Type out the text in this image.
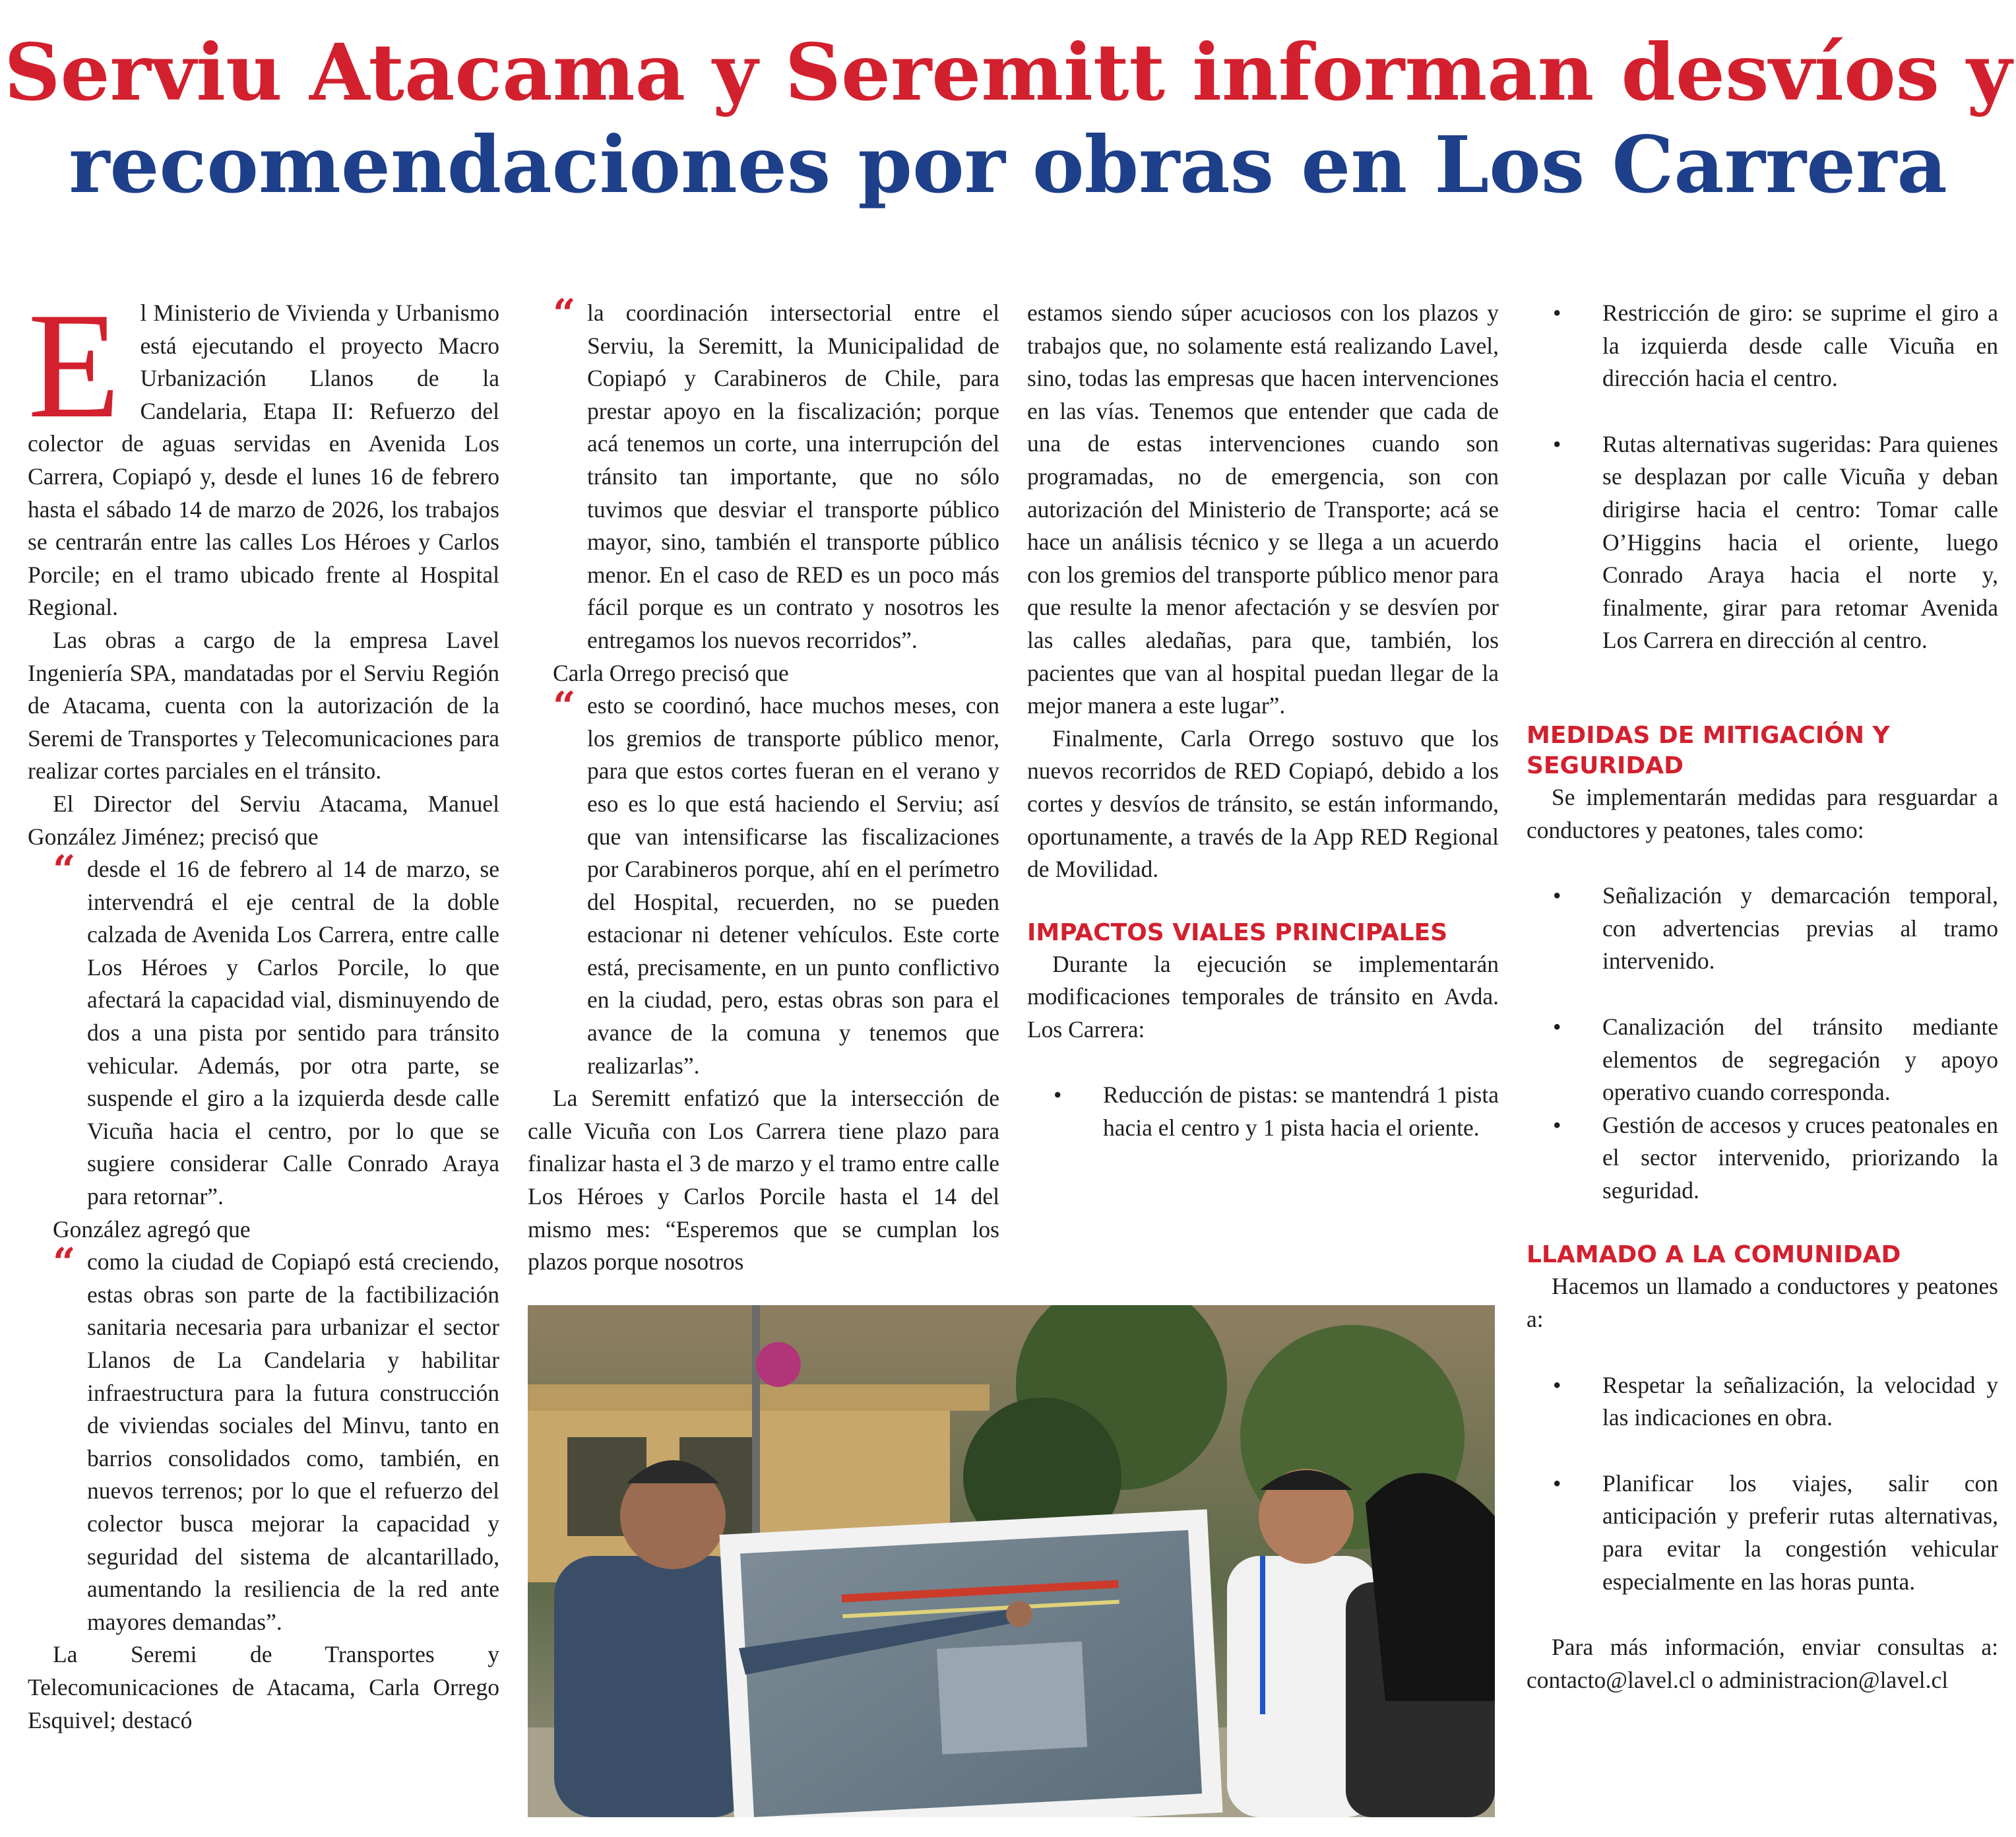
Serviu Atacama y Seremitt informan desvíos y
recomendaciones por obras en Los Carrera

El Ministerio de Vivienda y Urbanismo está ejecutando el proyecto Macro Urbanización Llanos de la Candelaria, Etapa II: Refuerzo del colector de aguas servidas en Avenida Los Carrera, Copiapó y, desde el lunes 16 de febrero hasta el sábado 14 de marzo de 2026, los trabajos se centrarán entre las calles Los Héroes y Carlos Porcile; en el tramo ubicado frente al Hospital Regional.

Las obras a cargo de la empresa Lavel Ingeniería SPA, mandatadas por el Serviu Región de Atacama, cuenta con la autorización de la Seremi de Transportes y Telecomunicaciones para realizar cortes parciales en el tránsito.

El Director del Serviu Atacama, Manuel González Jiménez; precisó que

“ desde el 16 de febrero al 14 de marzo, se intervendrá el eje central de la doble calzada de Avenida Los Carrera, entre calle Los Héroes y Carlos Porcile, lo que afectará la capacidad vial, disminuyendo de dos a una pista por sentido para tránsito vehicular. Además, por otra parte, se suspende el giro a la izquierda desde calle Vicuña hacia el centro, por lo que se sugiere considerar Calle Conrado Araya para retornar”.

González agregó que

“ como la ciudad de Copiapó está creciendo, estas obras son parte de la factibilización sanitaria necesaria para urbanizar el sector Llanos de La Candelaria y habilitar infraestructura para la futura construcción de viviendas sociales del Minvu, tanto en barrios consolidados como, también, en nuevos terrenos; por lo que el refuerzo del colector busca mejorar la capacidad y seguridad del sistema de alcantarillado, aumentando la resiliencia de la red ante mayores demandas”.

La Seremi de Transportes y Telecomunicaciones de Atacama, Carla Orrego Esquivel; destacó

“ la coordinación intersectorial entre el Serviu, la Seremitt, la Municipalidad de Copiapó y Carabineros de Chile, para prestar apoyo en la fiscalización; porque acá tenemos un corte, una interrupción del tránsito tan importante, que no sólo tuvimos que desviar el transporte público mayor, sino, también el transporte público menor. En el caso de RED es un poco más fácil porque es un contrato y nosotros les entregamos los nuevos recorridos”.

Carla Orrego precisó que

“ esto se coordinó, hace muchos meses, con los gremios de transporte público menor, para que estos cortes fueran en el verano y eso es lo que está haciendo el Serviu; así que van intensificarse las fiscalizaciones por Carabineros porque, ahí en el perímetro del Hospital, recuerden, no se pueden estacionar ni detener vehículos. Este corte está, precisamente, en un punto conflictivo en la ciudad, pero, estas obras son para el avance de la comuna y tenemos que realizarlas”.

La Seremitt enfatizó que la intersección de calle Vicuña con Los Carrera tiene plazo para finalizar hasta el 3 de marzo y el tramo entre calle Los Héroes y Carlos Porcile hasta el 14 del mismo mes: “Esperemos que se cumplan los plazos porque nosotros

estamos siendo súper acuciosos con los plazos y trabajos que, no solamente está realizando Lavel, sino, todas las empresas que hacen intervenciones en las vías. Tenemos que entender que cada de una de estas intervenciones cuando son programadas, no de emergencia, son con autorización del Ministerio de Transporte; acá se hace un análisis técnico y se llega a un acuerdo con los gremios del transporte público menor para que resulte la menor afectación y se desvíen por las calles aledañas, para que, también, los pacientes que van al hospital puedan llegar de la mejor manera a este lugar”.

Finalmente, Carla Orrego sostuvo que los nuevos recorridos de RED Copiapó, debido a los cortes y desvíos de tránsito, se están informando, oportunamente, a través de la App RED Regional de Movilidad.

IMPACTOS VIALES PRINCIPALES

Durante la ejecución se implementarán modificaciones temporales de tránsito en Avda. Los Carrera:

• Reducción de pistas: se mantendrá 1 pista hacia el centro y 1 pista hacia el oriente.
• Restricción de giro: se suprime el giro a la izquierda desde calle Vicuña en dirección hacia el centro.
• Rutas alternativas sugeridas: Para quienes se desplazan por calle Vicuña y deban dirigirse hacia el centro: Tomar calle O’Higgins hacia el oriente, luego Conrado Araya hacia el norte y, finalmente, girar para retomar Avenida Los Carrera en dirección al centro.

MEDIDAS DE MITIGACIÓN Y
SEGURIDAD

Se implementarán medidas para resguardar a conductores y peatones, tales como:

• Señalización y demarcación temporal, con advertencias previas al tramo intervenido.
• Canalización del tránsito mediante elementos de segregación y apoyo operativo cuando corresponda.
• Gestión de accesos y cruces peatonales en el sector intervenido, priorizando la seguridad.

LLAMADO A LA COMUNIDAD

Hacemos un llamado a conductores y peatones a:

• Respetar la señalización, la velocidad y las indicaciones en obra.
• Planificar los viajes, salir con anticipación y preferir rutas alternativas, para evitar la congestión vehicular especialmente en las horas punta.

Para más información, enviar consultas a: contacto@lavel.cl o administracion@lavel.cl
